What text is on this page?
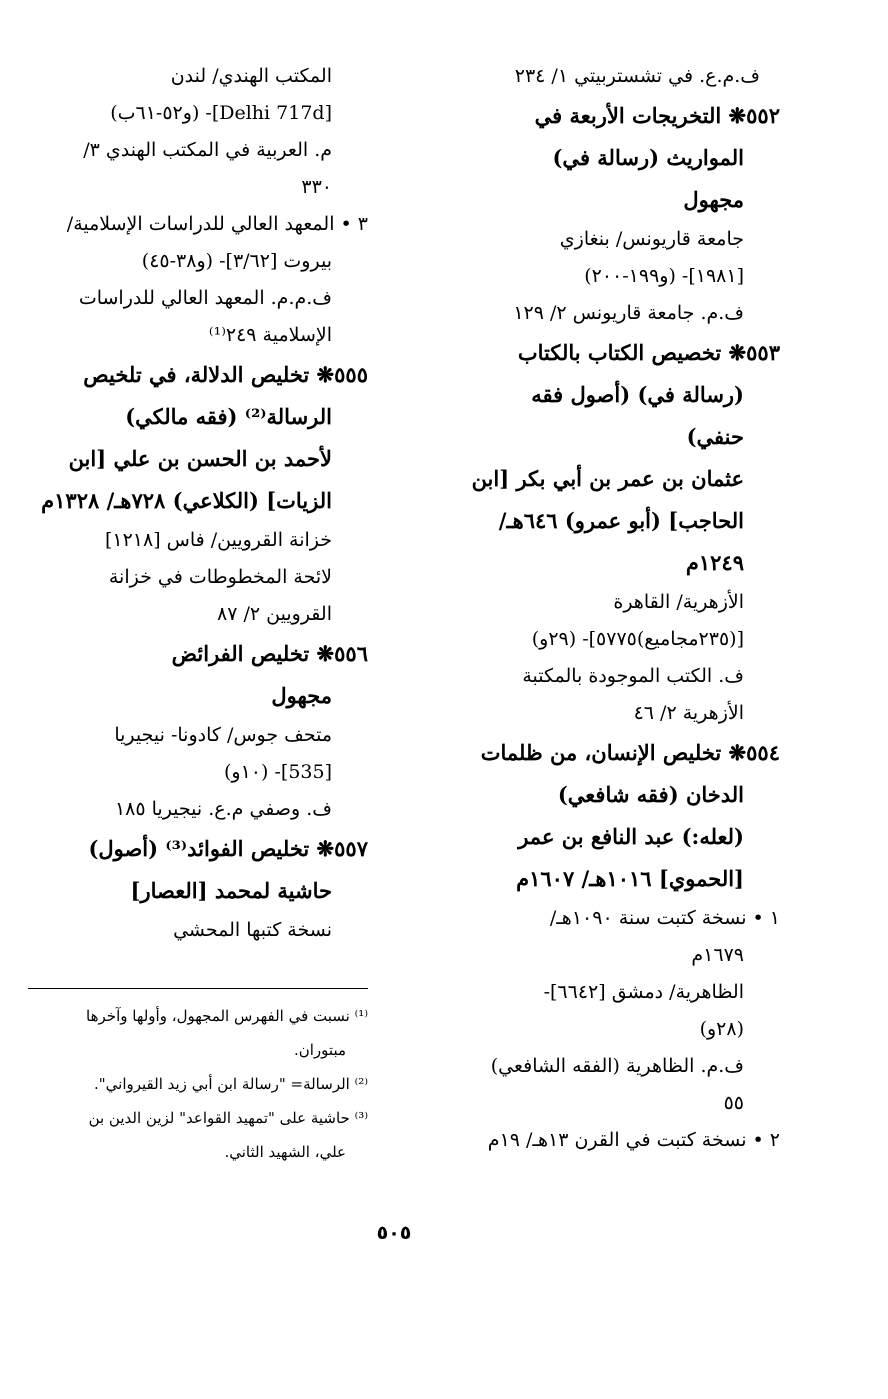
ف.م.ع. في تشستربيتي ١/ ٢٣٤
٥٥٢❋ التخريجات الأربعة في
المواريث (رسالة في)
مجهول
جامعة قاريونس/ بنغازي
[١٩٨١]- (و١٩٩-٢٠٠)
ف.م. جامعة قاريونس ٢/ ١٢٩
٥٥٣❋ تخصيص الكتاب بالكتاب
(رسالة في) (أصول فقه
حنفي)
عثمان بن عمر بن أبي بكر [ابن
الحاجب] (أبو عمرو) ٦٤٦هـ/
١٢٤٩م
الأزهرية/ القاهرة
[(٢٣٥مجاميع)٥٧٧٥]- (٢٩و)
ف. الكتب الموجودة بالمكتبة
الأزهرية ٢/ ٤٦
٥٥٤❋ تخليص الإنسان، من ظلمات
الدخان (فقه شافعي)
(لعله:) عبد النافع بن عمر
[الحموي] ١٠١٦هـ/ ١٦٠٧م
١ • نسخة كتبت سنة ١٠٩٠هـ/
١٦٧٩م
الظاهرية/ دمشق [٦٦٤٢]-
(٢٨و)
ف.م. الظاهرية (الفقه الشافعي)
٥٥
٢ • نسخة كتبت في القرن ١٣هـ/ ١٩م
المكتب الهندي/ لندن
[Delhi 717d]- (و٥٢-٦١ب)
م. العربية في المكتب الهندي ٣/
٣٣٠
٣ • المعهد العالي للدراسات الإسلامية/
بيروت [٣/٦٢]- (و٣٨-٤٥)
ف.م.م. المعهد العالي للدراسات
الإسلامية ٢٤٩⁽¹⁾
٥٥٥❋ تخليص الدلالة، في تلخيص
الرسالة⁽²⁾ (فقه مالكي)
لأحمد بن الحسن بن علي [ابن
الزيات] (الكلاعي) ٧٢٨هـ/ ١٣٢٨م
خزانة القرويين/ فاس [١٢١٨]
لائحة المخطوطات في خزانة
القرويين ٢/ ٨٧
٥٥٦❋ تخليص الفرائض
مجهول
متحف جوس/ كادونا- نيجيريا
[535]- (١٠و)
ف. وصفي م.ع. نيجيريا ١٨٥
٥٥٧❋ تخليص الفوائد⁽³⁾ (أصول)
حاشية لمحمد [العصار]
نسخة كتبها المحشي
⁽¹⁾ نسبت في الفهرس المجهول، وأولها وآخرها
مبتوران.
⁽²⁾ الرسالة= "رسالة ابن أبي زيد القيرواني".
⁽³⁾ حاشية على "تمهيد القواعد" لزين الدين بن
علي، الشهيد الثاني.
٥٠٥
